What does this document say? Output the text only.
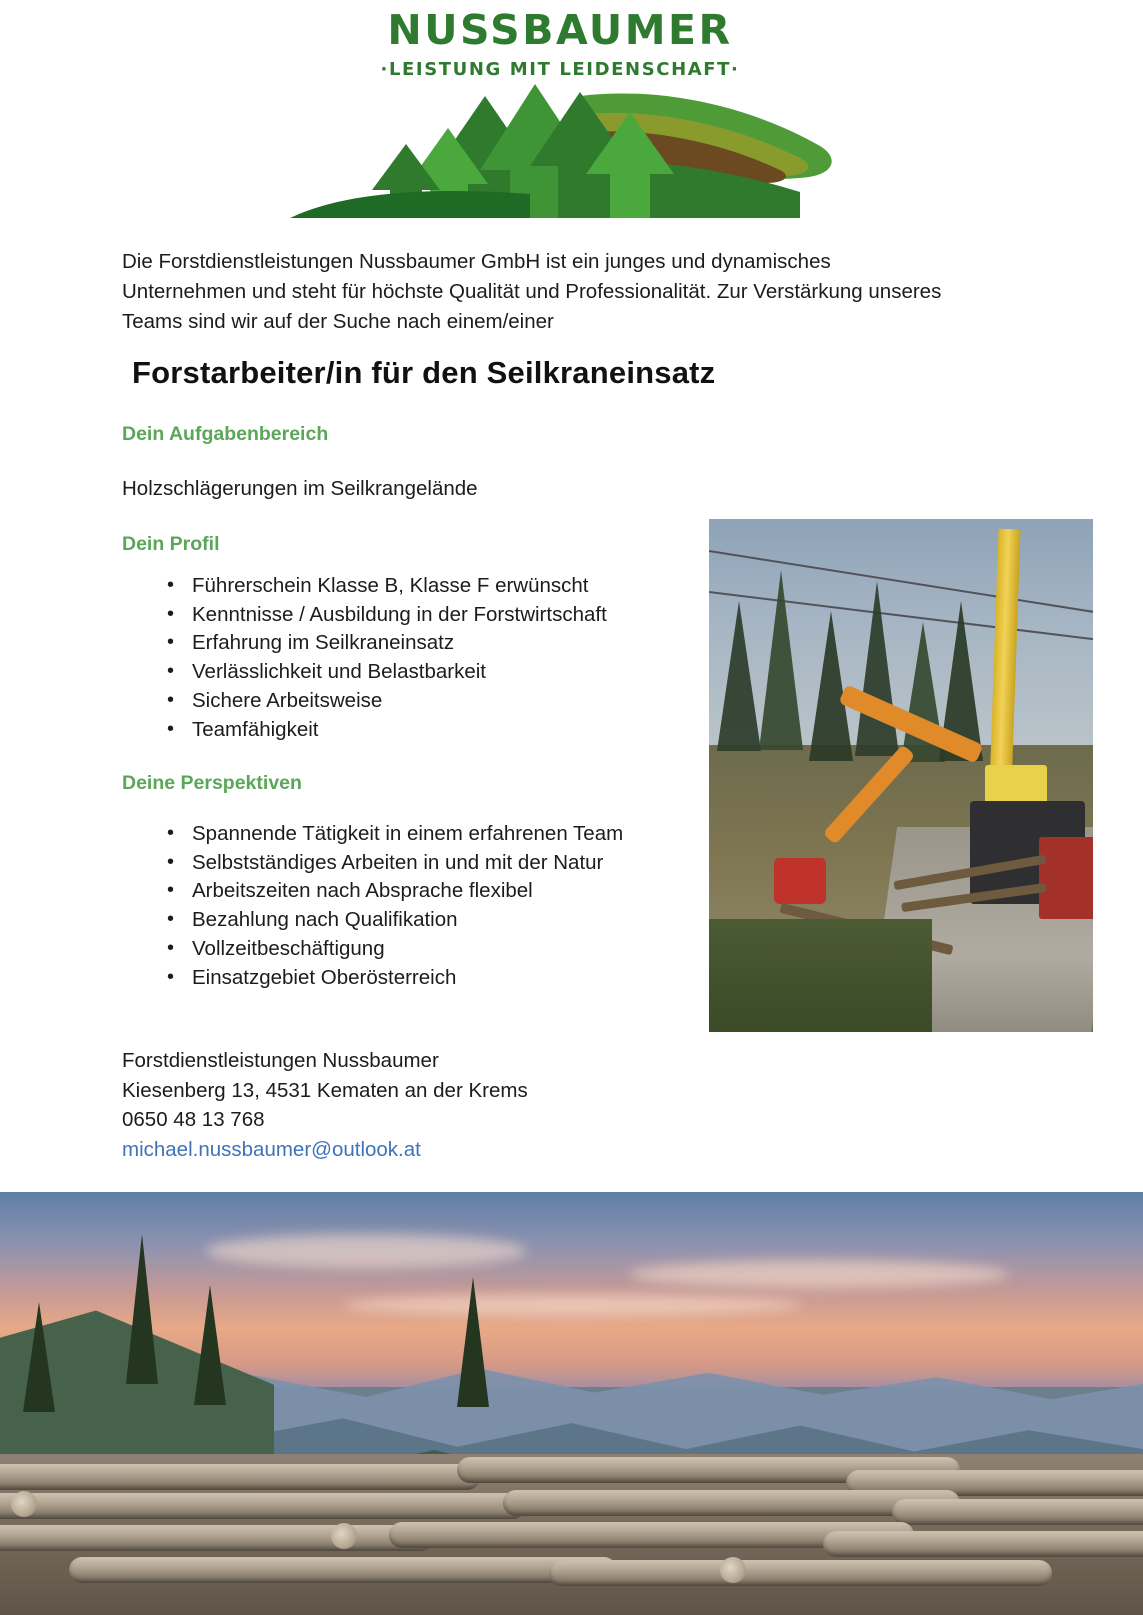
NUSSBAUMER
·LEISTUNG MIT LEIDENSCHAFT·
Die Forstdienstleistungen Nussbaumer GmbH ist ein junges und dynamisches Unternehmen und steht für höchste Qualität und Professionalität. Zur Verstärkung unseres Teams sind wir auf der Suche nach einem/einer
Forstarbeiter/in für den Seilkraneinsatz
Dein Aufgabenbereich
Holzschlägerungen im Seilkrangelände
Dein Profil
• Führerschein Klasse B, Klasse F erwünscht
• Kenntnisse / Ausbildung in der Forstwirtschaft
• Erfahrung im Seilkraneinsatz
• Verlässlichkeit und Belastbarkeit
• Sichere Arbeitsweise
• Teamfähigkeit
Deine Perspektiven
• Spannende Tätigkeit in einem erfahrenen Team
• Selbstständiges Arbeiten in und mit der Natur
• Arbeitszeiten nach Absprache flexibel
• Bezahlung nach Qualifikation
• Vollzeitbeschäftigung
• Einsatzgebiet Oberösterreich
Forstdienstleistungen Nussbaumer
Kiesenberg 13, 4531 Kematen an der Krems
0650 48 13 768
michael.nussbaumer@outlook.at
